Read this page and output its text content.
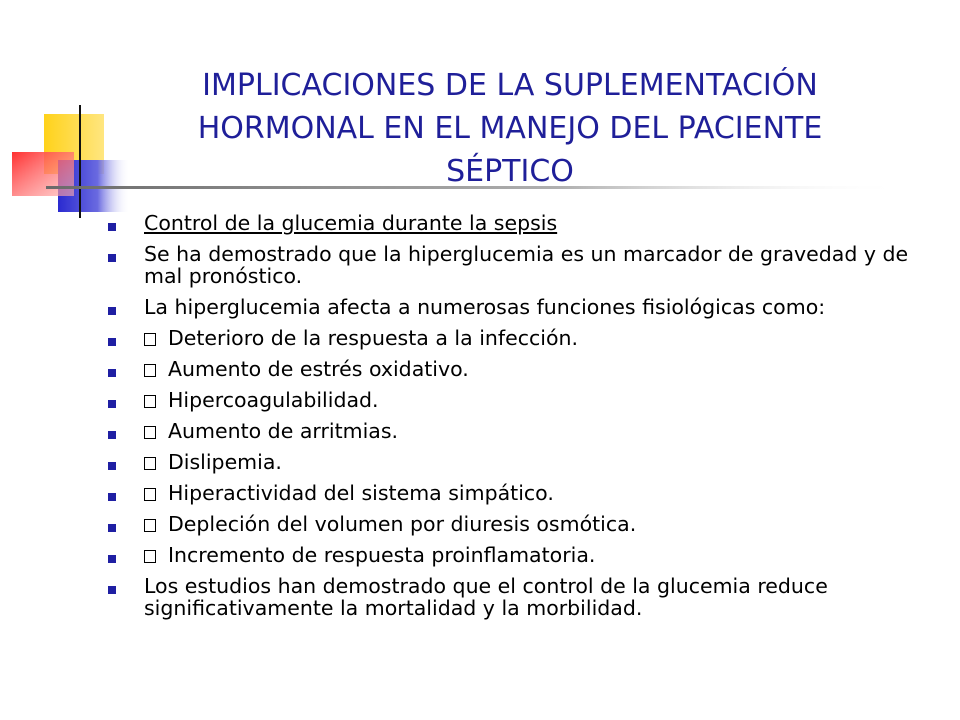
IMPLICACIONES DE LA SUPLEMENTACIÓN
HORMONAL EN EL MANEJO DEL PACIENTE
SÉPTICO
Control de la glucemia durante la sepsis
Se ha demostrado que la hiperglucemia es un marcador de gravedad y de mal pronóstico.
La hiperglucemia afecta a numerosas funciones fisiológicas como:
Deterioro de la respuesta a la infección.
Aumento de estrés oxidativo.
Hipercoagulabilidad.
Aumento de arritmias.
Dislipemia.
Hiperactividad del sistema simpático.
Depleción del volumen por diuresis osmótica.
Incremento de respuesta proinflamatoria.
Los estudios han demostrado que el control de la glucemia reduce significativamente la mortalidad y la morbilidad.
